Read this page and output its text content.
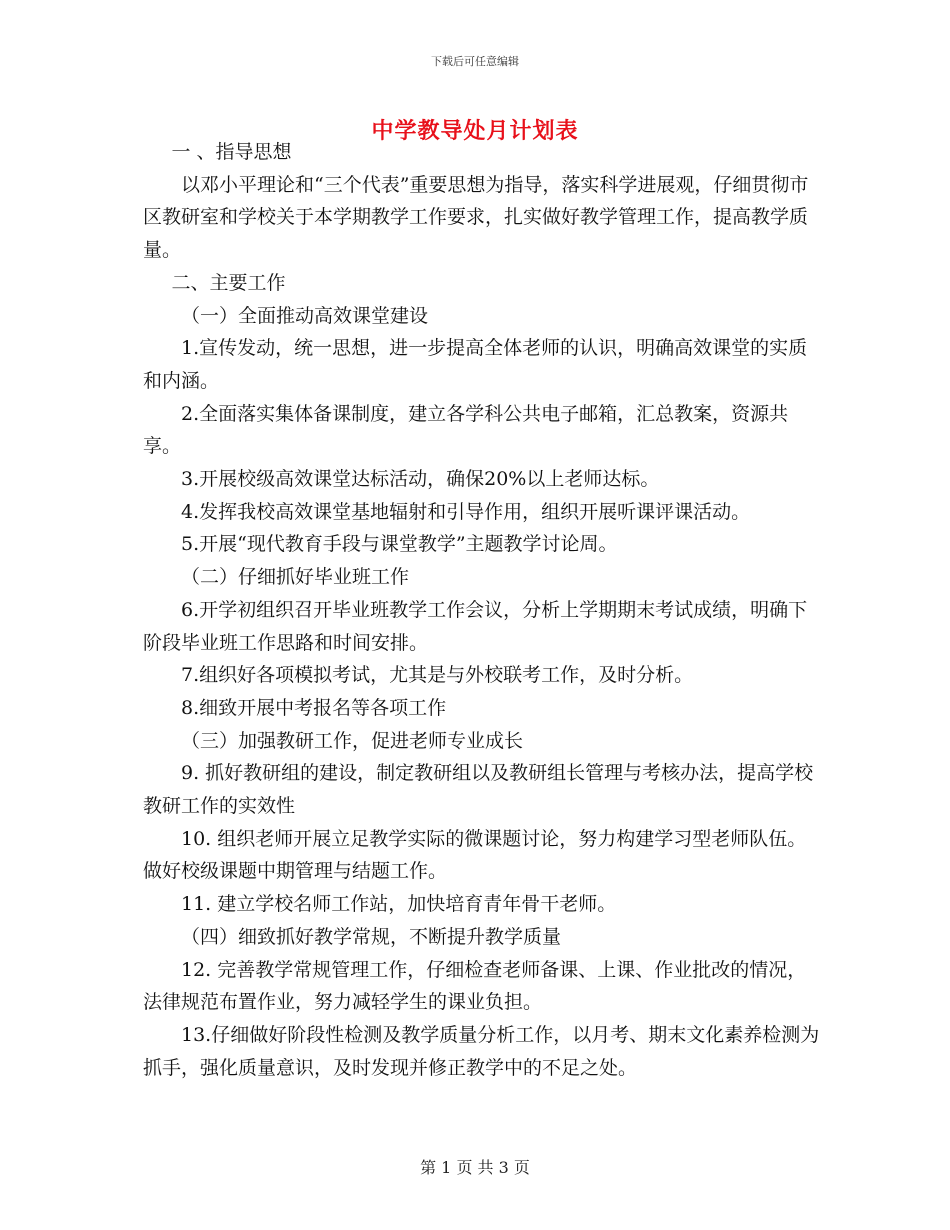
下载后可任意编辑
中学教导处月计划表

一 、指导思想

以邓小平理论和“三个代表”重要思想为指导，落实科学进展观，仔细贯彻市区教研室和学校关于本学期教学工作要求，扎实做好教学管理工作，提高教学质量。

二、主要工作

（一）全面推动高效课堂建设

1.宣传发动，统一思想，进一步提高全体老师的认识，明确高效课堂的实质和内涵。

2.全面落实集体备课制度，建立各学科公共电子邮箱，汇总教案，资源共享。

3.开展校级高效课堂达标活动，确保20%以上老师达标。

4.发挥我校高效课堂基地辐射和引导作用，组织开展听课评课活动。

5.开展“现代教育手段与课堂教学”主题教学讨论周。

（二）仔细抓好毕业班工作

6.开学初组织召开毕业班教学工作会议，分析上学期期末考试成绩，明确下阶段毕业班工作思路和时间安排。

7.组织好各项模拟考试，尤其是与外校联考工作，及时分析。

8.细致开展中考报名等各项工作

（三）加强教研工作，促进老师专业成长

9. 抓好教研组的建设，制定教研组以及教研组长管理与考核办法，提高学校教研工作的实效性

10. 组织老师开展立足教学实际的微课题讨论，努力构建学习型老师队伍。做好校级课题中期管理与结题工作。

11. 建立学校名师工作站，加快培育青年骨干老师。

（四）细致抓好教学常规，不断提升教学质量

12. 完善教学常规管理工作，仔细检查老师备课、上课、作业批改的情况，法律规范布置作业，努力减轻学生的课业负担。

13.仔细做好阶段性检测及教学质量分析工作，以月考、期末文化素养检测为抓手，强化质量意识，及时发现并修正教学中的不足之处。

第 1 页 共 3 页
